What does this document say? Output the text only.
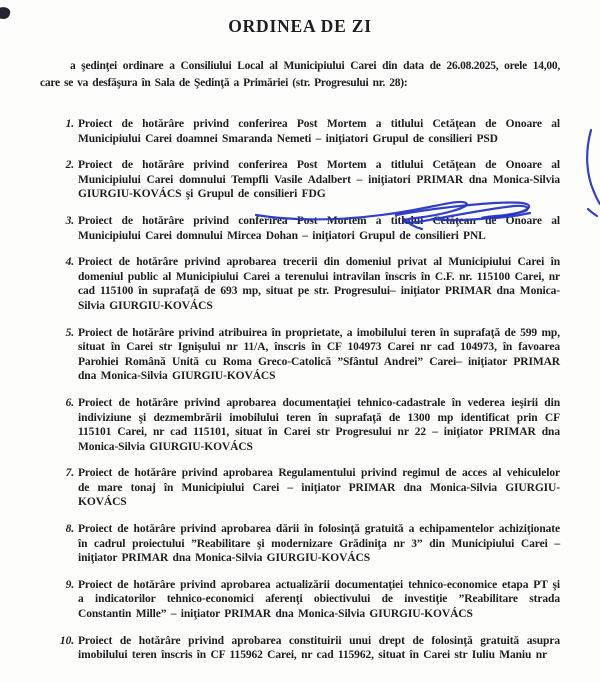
ORDINEA DE ZI

a şedinţei ordinare a Consiliului Local al Municipiului Carei din data de 26.08.2025, orele 14,00, care se va desfăşura în Sala de Şedinţă a Primăriei (str. Progresului nr. 28):

1. Proiect de hotărâre privind conferirea Post Mortem a titlului Cetăţean de Onoare al Municipiului Carei doamnei Smaranda Nemeti – iniţiatori Grupul de consilieri PSD
2. Proiect de hotărâre privind conferirea Post Mortem a titlului Cetăţean de Onoare al Municipiului Carei domnului Tempfli Vasile Adalbert – iniţiatori PRIMAR dna Monica-Silvia GIURGIU-KOVÁCS şi Grupul de consilieri FDG
3. Proiect de hotărâre privind conferirea Post Mortem a titlului Cetăţean de Onoare al Municipiului Carei domnului Mircea Dohan – iniţiatori Grupul de consilieri PNL
4. Proiect de hotărâre privind aprobarea trecerii din domeniul privat al Municipiului Carei în domeniul public al Municipiului Carei a terenului intravilan înscris în C.F. nr. 115100 Carei, nr cad 115100 în suprafaţă de 693 mp, situat pe str. Progresului– iniţiator PRIMAR dna Monica-Silvia GIURGIU-KOVÁCS
5. Proiect de hotărâre privind atribuirea în proprietate, a imobilului teren în suprafaţă de 599 mp, situat în Carei str Ignişului nr 11/A, înscris în CF 104973 Carei nr cad 104973, în favoarea Parohiei Română Unită cu Roma Greco-Catolică ”Sfântul Andrei” Carei– iniţiator PRIMAR dna Monica-Silvia GIURGIU-KOVÁCS
6. Proiect de hotărâre privind aprobarea documentaţiei tehnico-cadastrale în vederea ieşirii din indiviziune şi dezmembrării imobilului teren în suprafaţă de 1300 mp identificat prin CF 115101 Carei, nr cad 115101, situat în Carei str Progresului nr 22 – iniţiator PRIMAR dna Monica-Silvia GIURGIU-KOVÁCS
7. Proiect de hotărâre privind aprobarea Regulamentului privind regimul de acces al vehiculelor de mare tonaj în Municipiului Carei – iniţiator PRIMAR dna Monica-Silvia GIURGIU-KOVÁCS
8. Proiect de hotărâre privind aprobarea dării în folosinţă gratuită a echipamentelor achiziţionate în cadrul proiectului ”Reabilitare şi modernizare Grădiniţa nr 3” din Municipiului Carei – iniţiator PRIMAR dna Monica-Silvia GIURGIU-KOVÁCS
9. Proiect de hotărâre privind aprobarea actualizării documentaţiei tehnico-economice etapa PT şi a indicatorilor tehnico-economici aferenţi obiectivului de investiţie ”Reabilitare strada Constantin Mille” – iniţiator PRIMAR dna Monica-Silvia GIURGIU-KOVÁCS
10. Proiect de hotărâre privind aprobarea constituirii unui drept de folosinţă gratuită asupra imobilului teren înscris în CF 115962 Carei, nr cad 115962, situat în Carei str Iuliu Maniu nr
